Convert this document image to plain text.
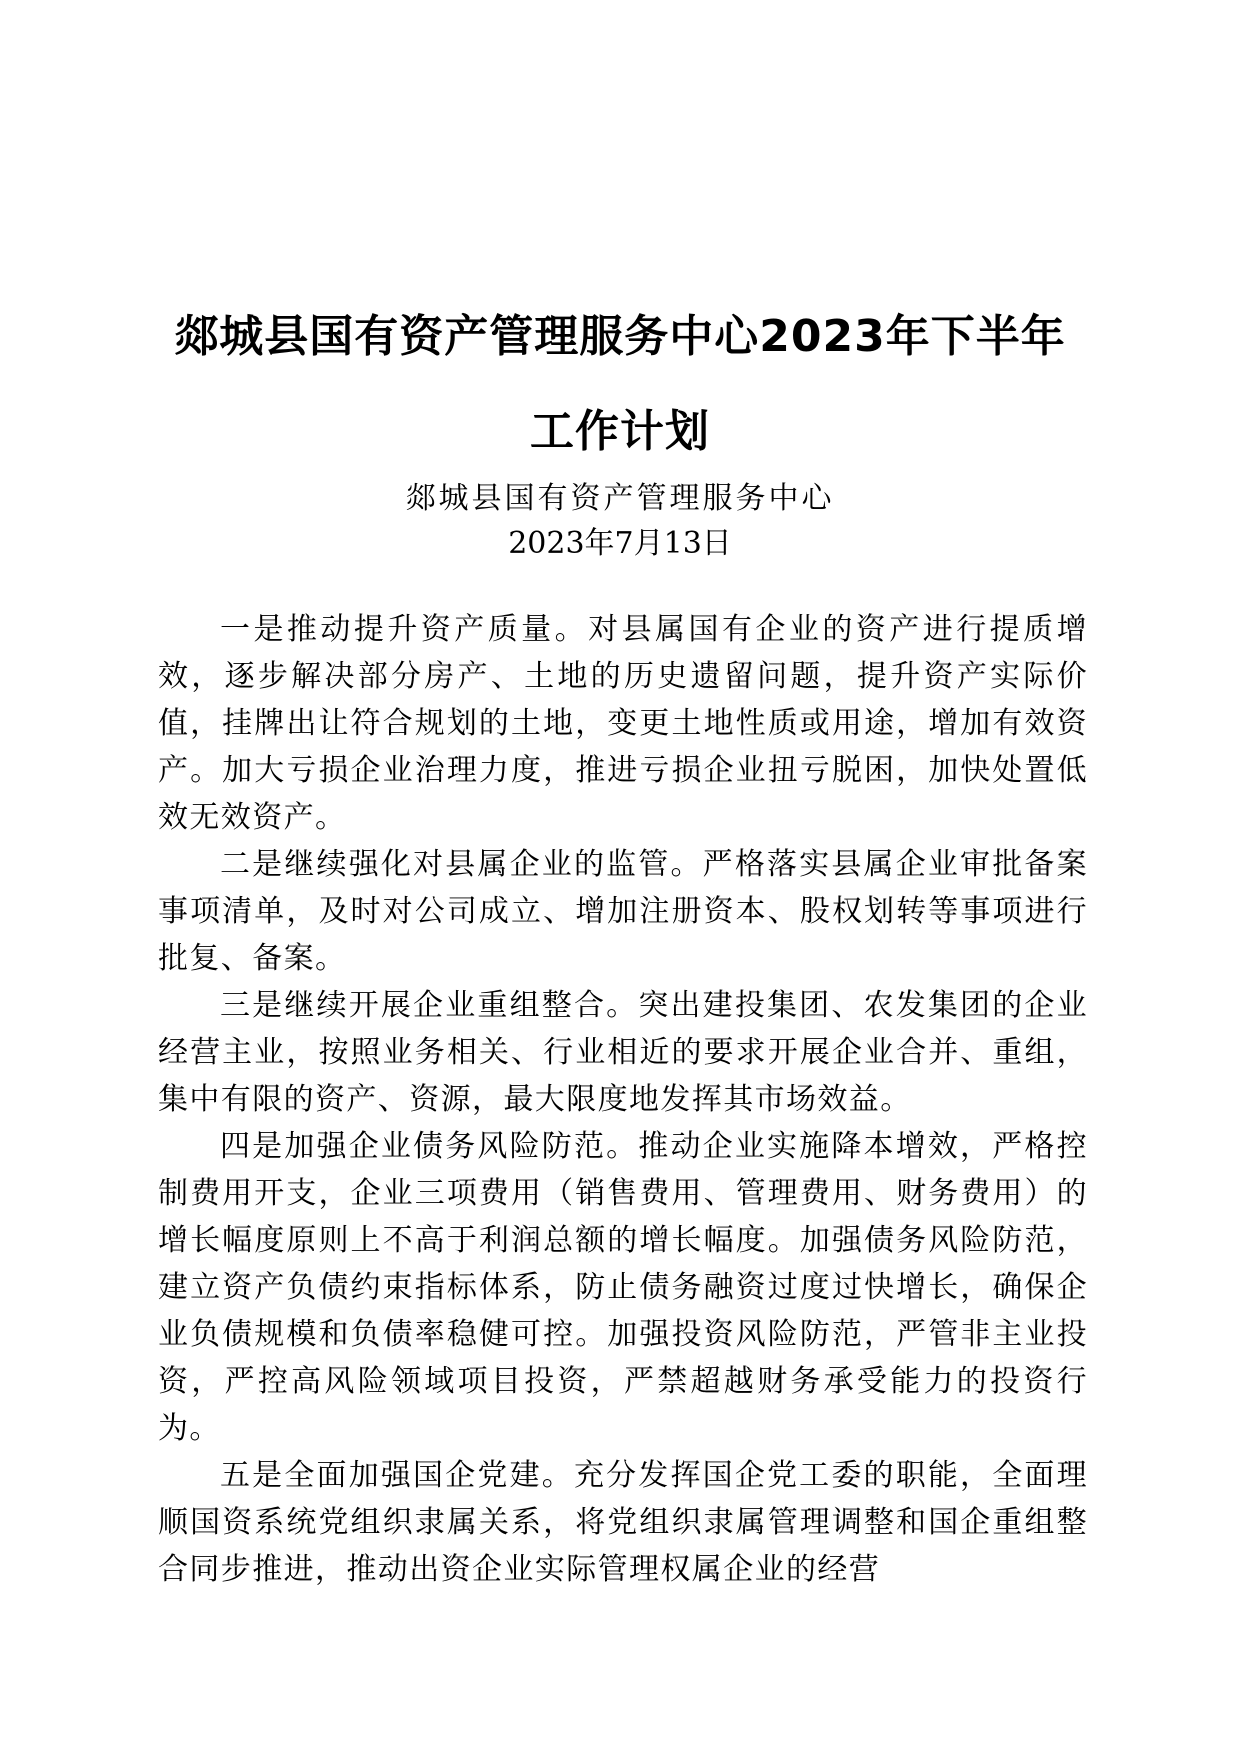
郯城县国有资产管理服务中心2023年下半年
工作计划
郯城县国有资产管理服务中心
2023年7月13日

一是推动提升资产质量。对县属国有企业的资产进行提质增效，逐步解决部分房产、土地的历史遗留问题，提升资产实际价值，挂牌出让符合规划的土地，变更土地性质或用途，增加有效资产。加大亏损企业治理力度，推进亏损企业扭亏脱困，加快处置低效无效资产。

二是继续强化对县属企业的监管。严格落实县属企业审批备案事项清单，及时对公司成立、增加注册资本、股权划转等事项进行批复、备案。

三是继续开展企业重组整合。突出建投集团、农发集团的企业经营主业，按照业务相关、行业相近的要求开展企业合并、重组，集中有限的资产、资源，最大限度地发挥其市场效益。

四是加强企业债务风险防范。推动企业实施降本增效，严格控制费用开支，企业三项费用（销售费用、管理费用、财务费用）的增长幅度原则上不高于利润总额的增长幅度。加强债务风险防范，建立资产负债约束指标体系，防止债务融资过度过快增长，确保企业负债规模和负债率稳健可控。加强投资风险防范，严管非主业投资，严控高风险领域项目投资，严禁超越财务承受能力的投资行为。

五是全面加强国企党建。充分发挥国企党工委的职能，全面理顺国资系统党组织隶属关系，将党组织隶属管理调整和国企重组整合同步推进，推动出资企业实际管理权属企业的经营
